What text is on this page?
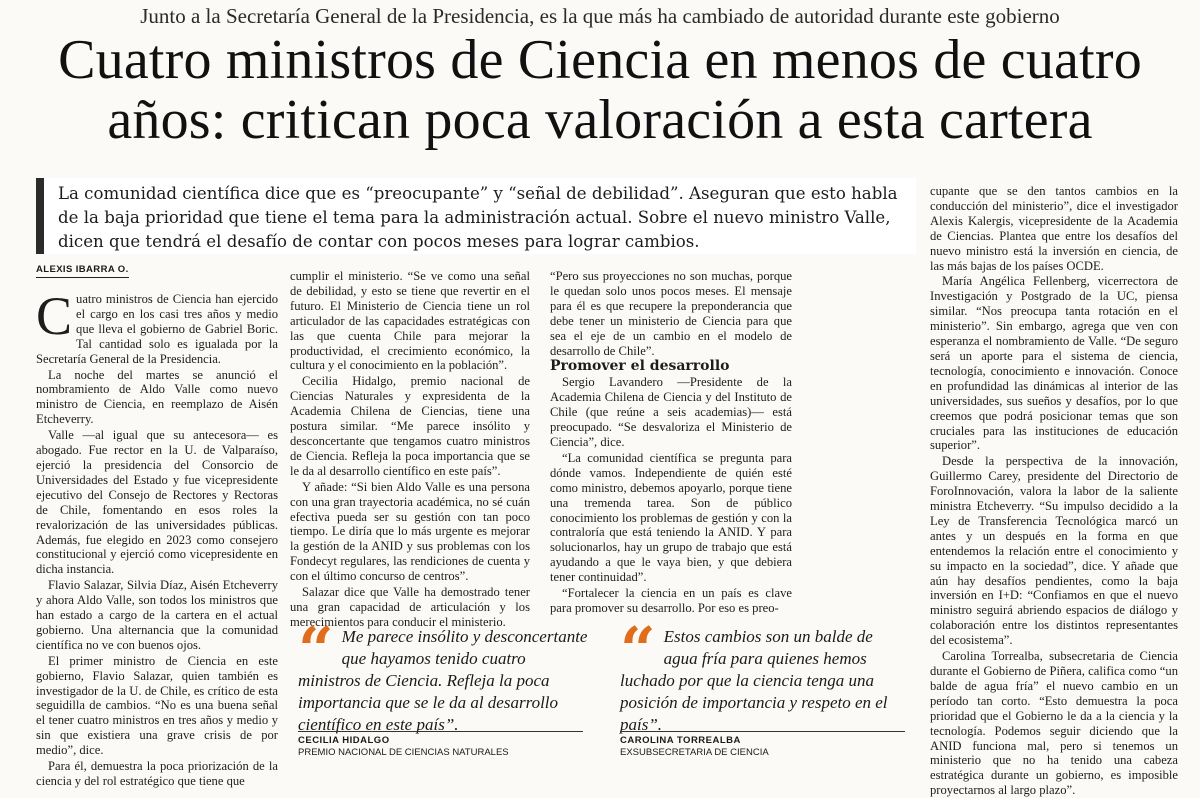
Junto a la Secretaría General de la Presidencia, es la que más ha cambiado de autoridad durante este gobierno
Cuatro ministros de Ciencia en menos de cuatro
años: critican poca valoración a esta cartera
La comunidad científica dice que es “preocupante” y “señal de debilidad”. Aseguran que esto habla
de la baja prioridad que tiene el tema para la administración actual. Sobre el nuevo ministro Valle,
dicen que tendrá el desafío de contar con pocos meses para lograr cambios.
ALEXIS IBARRA O.

Cuatro ministros de Ciencia han ejercido el cargo en los casi tres años y medio que lleva el gobierno de Gabriel Boric. Tal cantidad solo es igualada por la Secretaría General de la Presidencia.

La noche del martes se anunció el nombramiento de Aldo Valle como nuevo ministro de Ciencia, en reemplazo de Aisén Etcheverry.

Valle —al igual que su antecesora— es abogado. Fue rector en la U. de Valparaíso, ejerció la presidencia del Consorcio de Universidades del Estado y fue vicepresidente ejecutivo del Consejo de Rectores y Rectoras de Chile, fomentando en esos roles la revalorización de las universidades públicas. Además, fue elegido en 2023 como consejero constitucional y ejerció como vicepresidente en dicha instancia.

Flavio Salazar, Silvia Díaz, Aisén Etcheverry y ahora Aldo Valle, son todos los ministros que han estado a cargo de la cartera en el actual gobierno. Una alternancia que la comunidad científica no ve con buenos ojos.

El primer ministro de Ciencia en este gobierno, Flavio Salazar, quien también es investigador de la U. de Chile, es crítico de esta seguidilla de cambios. “No es una buena señal el tener cuatro ministros en tres años y medio y sin que existiera una grave crisis de por medio”, dice.

Para él, demuestra la poca priorización de la ciencia y del rol estratégico que tiene que

cumplir el ministerio. “Se ve como una señal de debilidad, y esto se tiene que revertir en el futuro. El Ministerio de Ciencia tiene un rol articulador de las capacidades estratégicas con las que cuenta Chile para mejorar la productividad, el crecimiento económico, la cultura y el conocimiento en la población”.

Cecilia Hidalgo, premio nacional de Ciencias Naturales y expresidenta de la Academia Chilena de Ciencias, tiene una postura similar. “Me parece insólito y desconcertante que tengamos cuatro ministros de Ciencia. Refleja la poca importancia que se le da al desarrollo científico en este país”.

Y añade: “Si bien Aldo Valle es una persona con una gran trayectoria académica, no sé cuán efectiva pueda ser su gestión con tan poco tiempo. Le diría que lo más urgente es mejorar la gestión de la ANID y sus problemas con los Fondecyt regulares, las rendiciones de cuenta y con el último concurso de centros”.

Salazar dice que Valle ha demostrado tener una gran capacidad de articulación y los merecimientos para conducir el ministerio.

“Pero sus proyecciones no son muchas, porque le quedan solo unos pocos meses. El mensaje para él es que recupere la preponderancia que debe tener un ministerio de Ciencia para que sea el eje de un cambio en el modelo de desarrollo de Chile”.

Promover el desarrollo

Sergio Lavandero —Presidente de la Academia Chilena de Ciencia y del Instituto de Chile (que reúne a seis academias)— está preocupado. “Se desvaloriza el Ministerio de Ciencia”, dice.

“La comunidad científica se pregunta para dónde vamos. Independiente de quién esté como ministro, debemos apoyarlo, porque tiene una tremenda tarea. Son de público conocimiento los problemas de gestión y con la contraloría que está teniendo la ANID. Y para solucionarlos, hay un grupo de trabajo que está ayudando a que le vaya bien, y que debiera tener continuidad”.

“Fortalecer la ciencia en un país es clave para promover su desarrollo. Por eso es preo-

cupante que se den tantos cambios en la conducción del ministerio”, dice el investigador Alexis Kalergis, vicepresidente de la Academia de Ciencias. Plantea que entre los desafíos del nuevo ministro está la inversión en ciencia, de las más bajas de los países OCDE.

María Angélica Fellenberg, vicerrectora de Investigación y Postgrado de la UC, piensa similar. “Nos preocupa tanta rotación en el ministerio”. Sin embargo, agrega que ven con esperanza el nombramiento de Valle. “De seguro será un aporte para el sistema de ciencia, tecnología, conocimiento e innovación. Conoce en profundidad las dinámicas al interior de las universidades, sus sueños y desafíos, por lo que creemos que podrá posicionar temas que son cruciales para las instituciones de educación superior”.

Desde la perspectiva de la innovación, Guillermo Carey, presidente del Directorio de ForoInnovación, valora la labor de la saliente ministra Etcheverry. “Su impulso decidido a la Ley de Transferencia Tecnológica marcó un antes y un después en la forma en que entendemos la relación entre el conocimiento y su impacto en la sociedad”, dice. Y añade que aún hay desafíos pendientes, como la baja inversión en I+D: “Confiamos en que el nuevo ministro seguirá abriendo espacios de diálogo y colaboración entre los distintos representantes del ecosistema”.

Carolina Torrealba, subsecretaria de Ciencia durante el Gobierno de Piñera, califica como “un balde de agua fría” el nuevo cambio en un período tan corto. “Esto demuestra la poca prioridad que el Gobierno le da a la ciencia y la tecnología. Podemos seguir diciendo que la ANID funciona mal, pero si tenemos un ministerio que no ha tenido una cabeza estratégica durante un gobierno, es imposible proyectarnos al largo plazo”.

“ Me parece insólito y desconcertante que hayamos tenido cuatro ministros de Ciencia. Refleja la poca importancia que se le da al desarrollo científico en este país”.
CECILIA HIDALGO
PREMIO NACIONAL DE CIENCIAS NATURALES
“ Estos cambios son un balde de agua fría para quienes hemos luchado por que la ciencia tenga una posición de importancia y respeto en el país”.
CAROLINA TORREALBA
EXSUBSECRETARIA DE CIENCIA
